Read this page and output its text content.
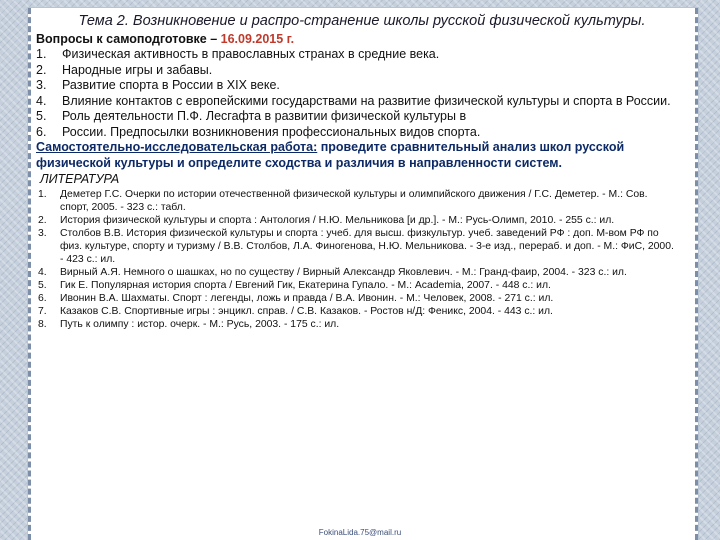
Тема 2. Возникновение и распро-странение школы русской физической культуры.
Вопросы к самоподготовке – 16.09.2015 г.
1.	Физическая активность в православных странах в средние века.
2.	Народные игры и забавы.
3.	Развитие спорта в России в XIX веке.
4.	Влияние контактов с европейскими государствами на развитие физической культуры и спорта в России.
5.	Роль деятельности П.Ф. Лесгафта в развитии физической культуры в
6.	России. Предпосылки возникновения профессиональных видов спорта.
Самостоятельно-исследовательская работа: проведите сравнительный анализ школ русской физической культуры и определите сходства и различия в направленности систем.
ЛИТЕРАТУРА
1.	Деметер Г.С. Очерки по истории отечественной физической культуры и олимпийского движения / Г.С. Деметер. - М.: Сов. спорт, 2005. - 323 с.: табл.
2.	История физической культуры и спорта : Антология / Н.Ю. Мельникова [и др.]. - М.: Русь-Олимп, 2010. - 255 с.: ил.
3.	Столбов В.В. История физической культуры и спорта : учеб. для высш. физкультур. учеб. заведений РФ : доп. М-вом РФ по физ. культуре, спорту и туризму / В.В. Столбов, Л.А. Финогенова, Н.Ю. Мельникова. - 3-е изд., перераб. и доп. - М.: ФиС, 2000. - 423 с.: ил.
4.	Вирный А.Я. Немного о шашках, но по существу / Вирный Александр Яковлевич. - М.: Гранд-фаир, 2004. - 323 с.: ил.
5.	Гик Е. Популярная история спорта / Евгений Гик, Екатерина Гупало. - М.: Academia, 2007. - 448 с.: ил.
6.	Ивонин В.А. Шахматы. Спорт : легенды, ложь и правда / В.А. Ивонин. - М.: Человек, 2008. - 271 с.: ил.
7.	Казаков С.В. Спортивные игры : энцикл. справ. / С.В. Казаков. - Ростов н/Д: Феникс, 2004. - 443 с.: ил.
8.	Путь к олимпу : истор. очерк. - М.: Русь, 2003. - 175 с.: ил.
FokinaLida.75@mail.ru
